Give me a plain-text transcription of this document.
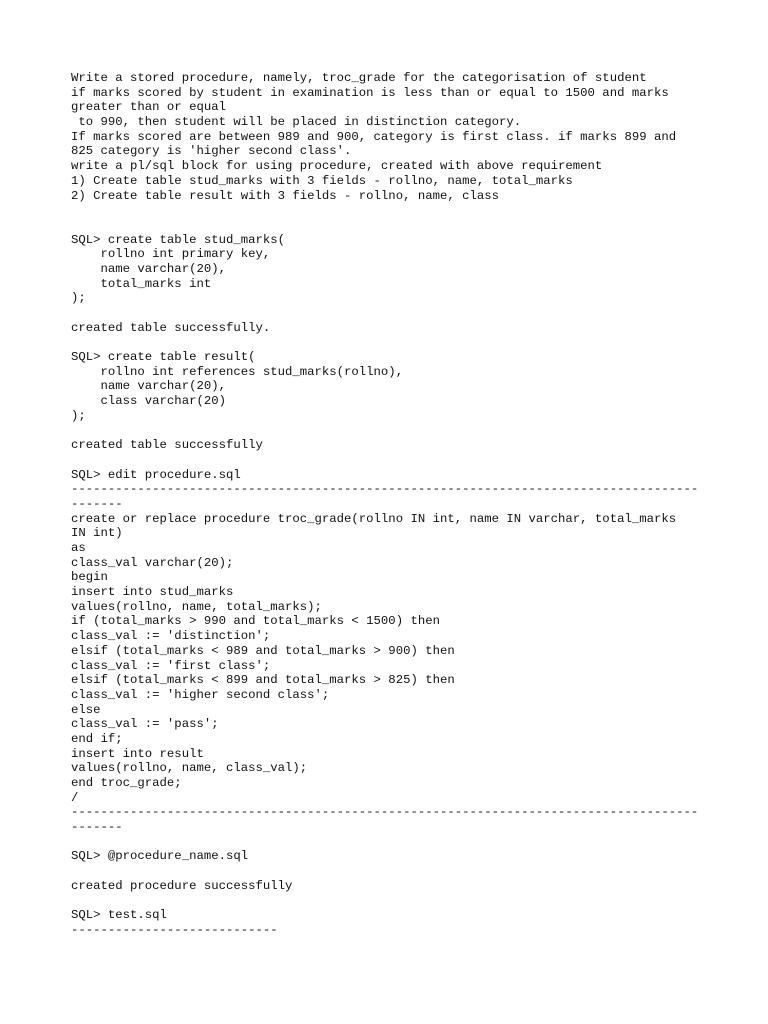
Write a stored procedure, namely, troc_grade for the categorisation of student
if marks scored by student in examination is less than or equal to 1500 and marks
greater than or equal
to 990, then student will be placed in distinction category.
If marks scored are between 989 and 900, category is first class. if marks 899 and
825 category is 'higher second class'.
write a pl/sql block for using procedure, created with above requirement
1) Create table stud_marks with 3 fields - rollno, name, total_marks
2) Create table result with 3 fields - rollno, name, class
SQL> create table stud_marks(
rollno int primary key,
name varchar(20),
total_marks int
);
created table successfully.
SQL> create table result(
rollno int references stud_marks(rollno),
name varchar(20),
class varchar(20)
);
created table successfully
SQL> edit procedure.sql
-------------------------------------------------------------------------------------
-------
create or replace procedure troc_grade(rollno IN int, name IN varchar, total_marks
IN int)
as
class_val varchar(20);
begin
insert into stud_marks
values(rollno, name, total_marks);
if (total_marks > 990 and total_marks < 1500) then
class_val := 'distinction';
elsif (total_marks < 989 and total_marks > 900) then
class_val := 'first class';
elsif (total_marks < 899 and total_marks > 825) then
class_val := 'higher second class';
else
class_val := 'pass';
end if;
insert into result
values(rollno, name, class_val);
end troc_grade;
/
-------------------------------------------------------------------------------------
-------
SQL> @procedure_name.sql
created procedure successfully
SQL> test.sql
----------------------------
